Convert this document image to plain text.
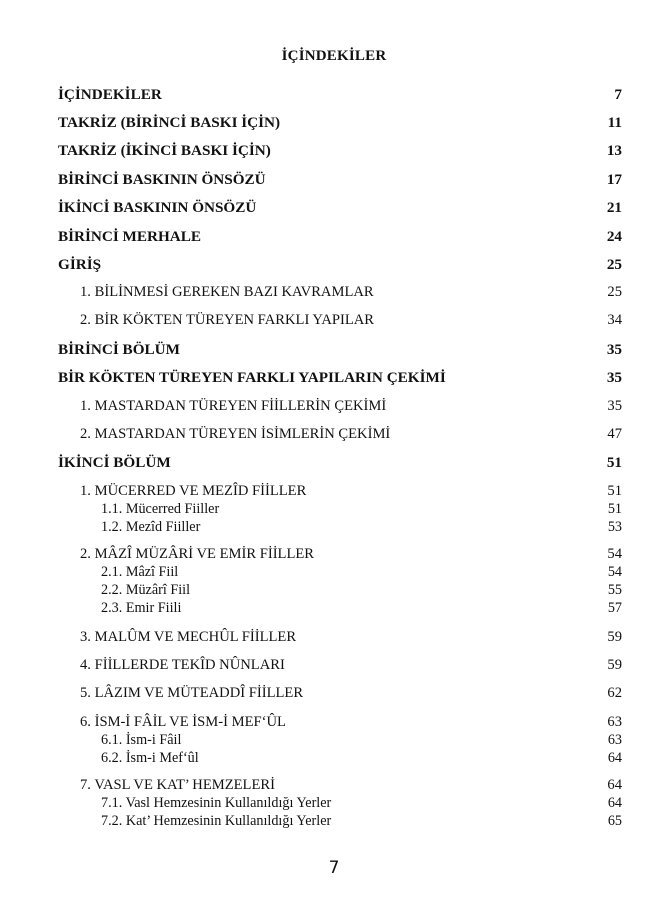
İÇİNDEKİLER
İÇİNDEKİLER	7
TAKRİZ (BİRİNCİ BASKI İÇİN)	11
TAKRİZ (İKİNCİ BASKI İÇİN)	13
BİRİNCİ BASKININ ÖNSÖZÜ	17
İKİNCİ BASKININ ÖNSÖZÜ	21
BİRİNCİ MERHALE	24
GİRİŞ	25
1. BİLİNMESİ GEREKEN BAZI KAVRAMLAR	25
2. BİR KÖKTEN TÜREYEN FARKLI YAPILAR	34
BİRİNCİ BÖLÜM	35
BİR KÖKTEN TÜREYEN FARKLI YAPILARIN ÇEKİMİ	35
1. MASTARDAN TÜREYEN FİİLLERİN ÇEKİMİ	35
2. MASTARDAN TÜREYEN İSİMLERİN ÇEKİMİ	47
İKİNCİ BÖLÜM	51
1. MÜCERRED VE MEZÎD FİİLLER	51
1.1. Mücerred Fiiller	51
1.2. Mezîd Fiiller	53
2. MÂZÎ MÜZÂRİ VE EMİR FİİLLER	54
2.1. Mâzî Fiil	54
2.2. Müzârî Fiil	55
2.3. Emir Fiili	57
3. MALÛM VE MECHÛL FİİLLER	59
4. FİİLLERDE TEKÎD NÛNLARI	59
5. LÂZIM VE MÜTEADDÎ FİİLLER	62
6. İSM-İ FÂİL VE İSM-İ MEF‘ÛL	63
6.1. İsm-i Fâil	63
6.2. İsm-i Mef‘ûl	64
7. VASL VE KAT’ HEMZELERİ	64
7.1. Vasl Hemzesinin Kullanıldığı Yerler	64
7.2. Kat’ Hemzesinin Kullanıldığı Yerler	65
7
